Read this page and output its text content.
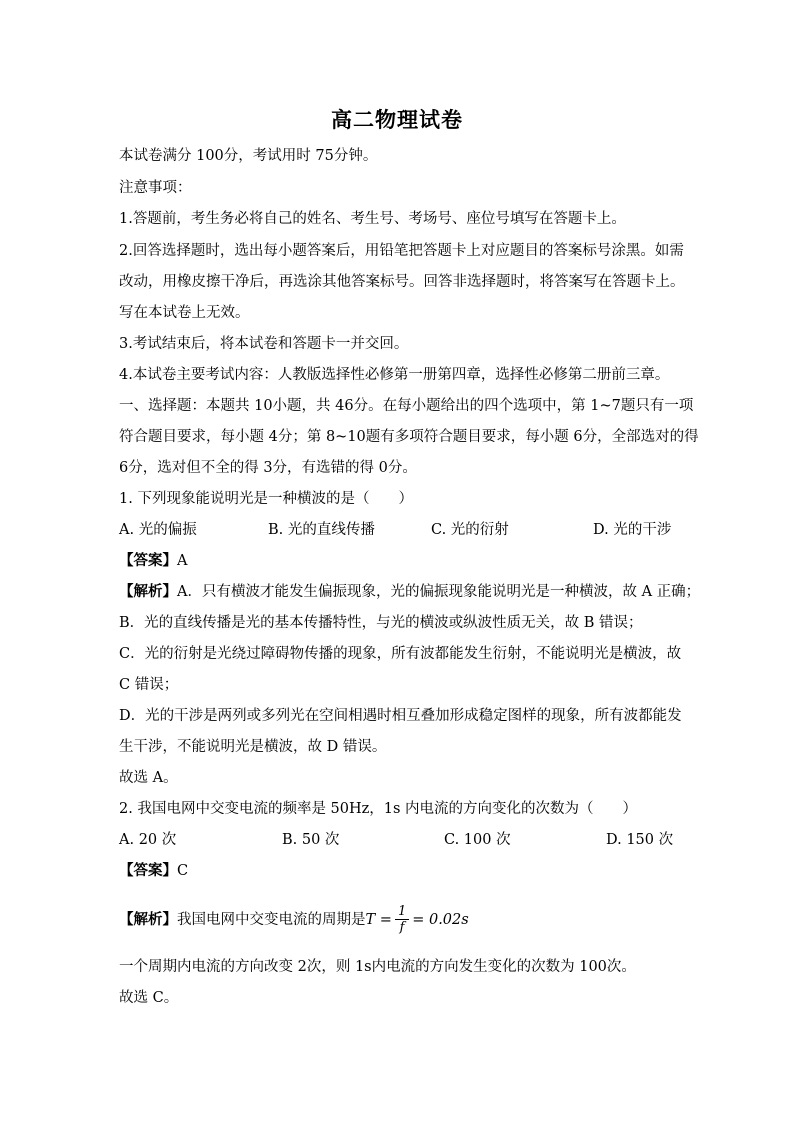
高二物理试卷
本试卷满分 100分，考试用时 75分钟。
注意事项：
1.答题前，考生务必将自己的姓名、考生号、考场号、座位号填写在答题卡上。
2.回答选择题时，选出每小题答案后，用铅笔把答题卡上对应题目的答案标号涂黑。如需
改动，用橡皮擦干净后，再选涂其他答案标号。回答非选择题时，将答案写在答题卡上。
写在本试卷上无效。
3.考试结束后，将本试卷和答题卡一并交回。
4.本试卷主要考试内容：人教版选择性必修第一册第四章，选择性必修第二册前三章。
一、选择题：本题共 10小题，共 46分。在每小题给出的四个选项中，第 1~7题只有一项
符合题目要求，每小题 4分；第 8~10题有多项符合题目要求，每小题 6分，全部选对的得
6分，选对但不全的得 3分，有选错的得 0分。
1. 下列现象能说明光是一种横波的是（　　）
A. 光的偏振	B. 光的直线传播	C. 光的衍射	D. 光的干涉
【答案】A
【解析】A．只有横波才能发生偏振现象，光的偏振现象能说明光是一种横波，故 A 正确；
B．光的直线传播是光的基本传播特性，与光的横波或纵波性质无关，故 B 错误；
C．光的衍射是光绕过障碍物传播的现象，所有波都能发生衍射，不能说明光是横波，故
C 错误；
D．光的干涉是两列或多列光在空间相遇时相互叠加形成稳定图样的现象，所有波都能发
生干涉，不能说明光是横波，故 D 错误。
故选 A。
2. 我国电网中交变电流的频率是 50Hz，1s 内电流的方向变化的次数为（　　）
A. 20 次	B. 50 次	C. 100 次	D. 150 次
【答案】C
【解析】 我国电网中交变电流的周期是 $T = \frac{1}{f} = 0.02s$
一个周期内电流的方向改变 2次，则 1s内电流的方向发生变化的次数为 100次。
故选 C。
